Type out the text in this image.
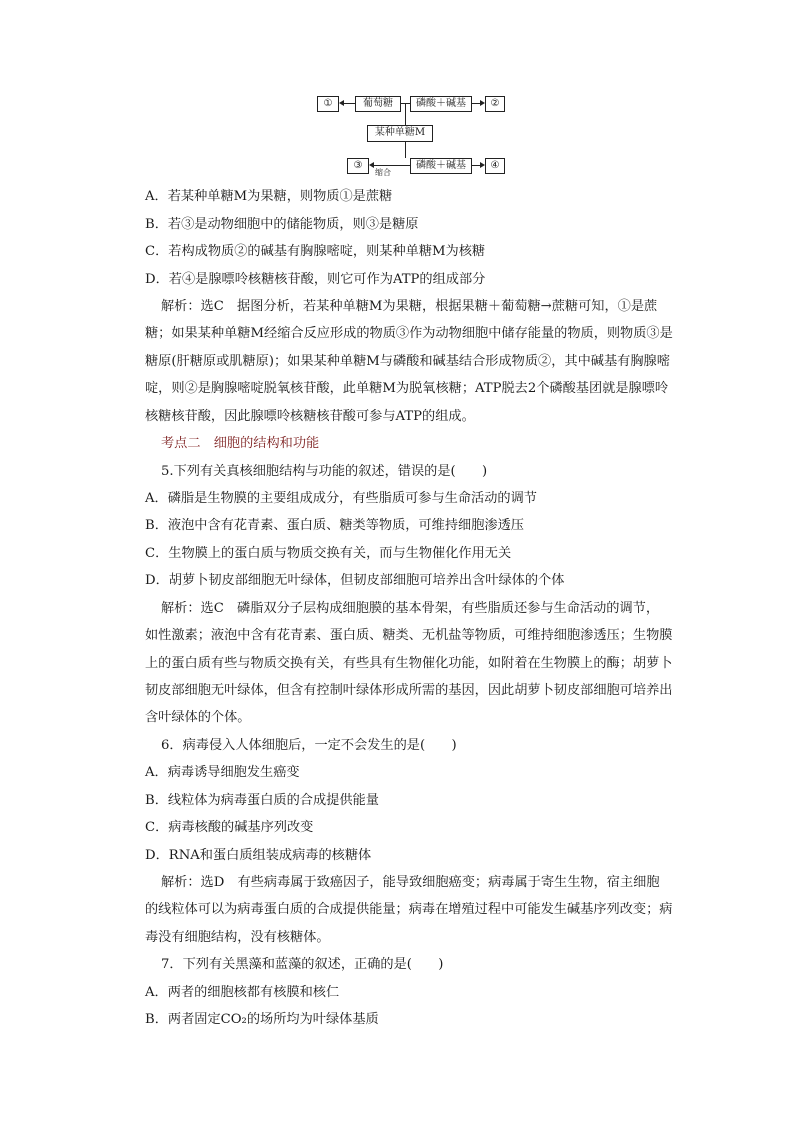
①	葡萄糖	磷酸＋碱基	②
某种单糖M
③
缩合
磷酸＋碱基	④
A．若某种单糖M为果糖，则物质①是蔗糖
B．若③是动物细胞中的储能物质，则③是糖原
C．若构成物质②的碱基有胸腺嘧啶，则某种单糖M为核糖
D．若④是腺嘌呤核糖核苷酸，则它可作为ATP的组成部分
解析：选C　据图分析，若某种单糖M为果糖，根据果糖＋葡萄糖→蔗糖可知，①是蔗
糖；如果某种单糖M经缩合反应形成的物质③作为动物细胞中储存能量的物质，则物质③是
糖原(肝糖原或肌糖原)；如果某种单糖M与磷酸和碱基结合形成物质②，其中碱基有胸腺嘧
啶，则②是胸腺嘧啶脱氧核苷酸，此单糖M为脱氧核糖；ATP脱去2个磷酸基团就是腺嘌呤
核糖核苷酸，因此腺嘌呤核糖核苷酸可参与ATP的组成。
考点二　细胞的结构和功能
5.下列有关真核细胞结构与功能的叙述，错误的是(　　)
A．磷脂是生物膜的主要组成成分，有些脂质可参与生命活动的调节
B．液泡中含有花青素、蛋白质、糖类等物质，可维持细胞渗透压
C．生物膜上的蛋白质与物质交换有关，而与生物催化作用无关
D．胡萝卜韧皮部细胞无叶绿体，但韧皮部细胞可培养出含叶绿体的个体
解析：选C　磷脂双分子层构成细胞膜的基本骨架，有些脂质还参与生命活动的调节，
如性激素；液泡中含有花青素、蛋白质、糖类、无机盐等物质，可维持细胞渗透压；生物膜
上的蛋白质有些与物质交换有关，有些具有生物催化功能，如附着在生物膜上的酶；胡萝卜
韧皮部细胞无叶绿体，但含有控制叶绿体形成所需的基因，因此胡萝卜韧皮部细胞可培养出
含叶绿体的个体。
6．病毒侵入人体细胞后，一定不会发生的是(　　)
A．病毒诱导细胞发生癌变
B．线粒体为病毒蛋白质的合成提供能量
C．病毒核酸的碱基序列改变
D．RNA和蛋白质组装成病毒的核糖体
解析：选D　有些病毒属于致癌因子，能导致细胞癌变；病毒属于寄生生物，宿主细胞
的线粒体可以为病毒蛋白质的合成提供能量；病毒在增殖过程中可能发生碱基序列改变；病
毒没有细胞结构，没有核糖体。
7．下列有关黑藻和蓝藻的叙述，正确的是(　　)
A．两者的细胞核都有核膜和核仁
B．两者固定CO₂的场所均为叶绿体基质
